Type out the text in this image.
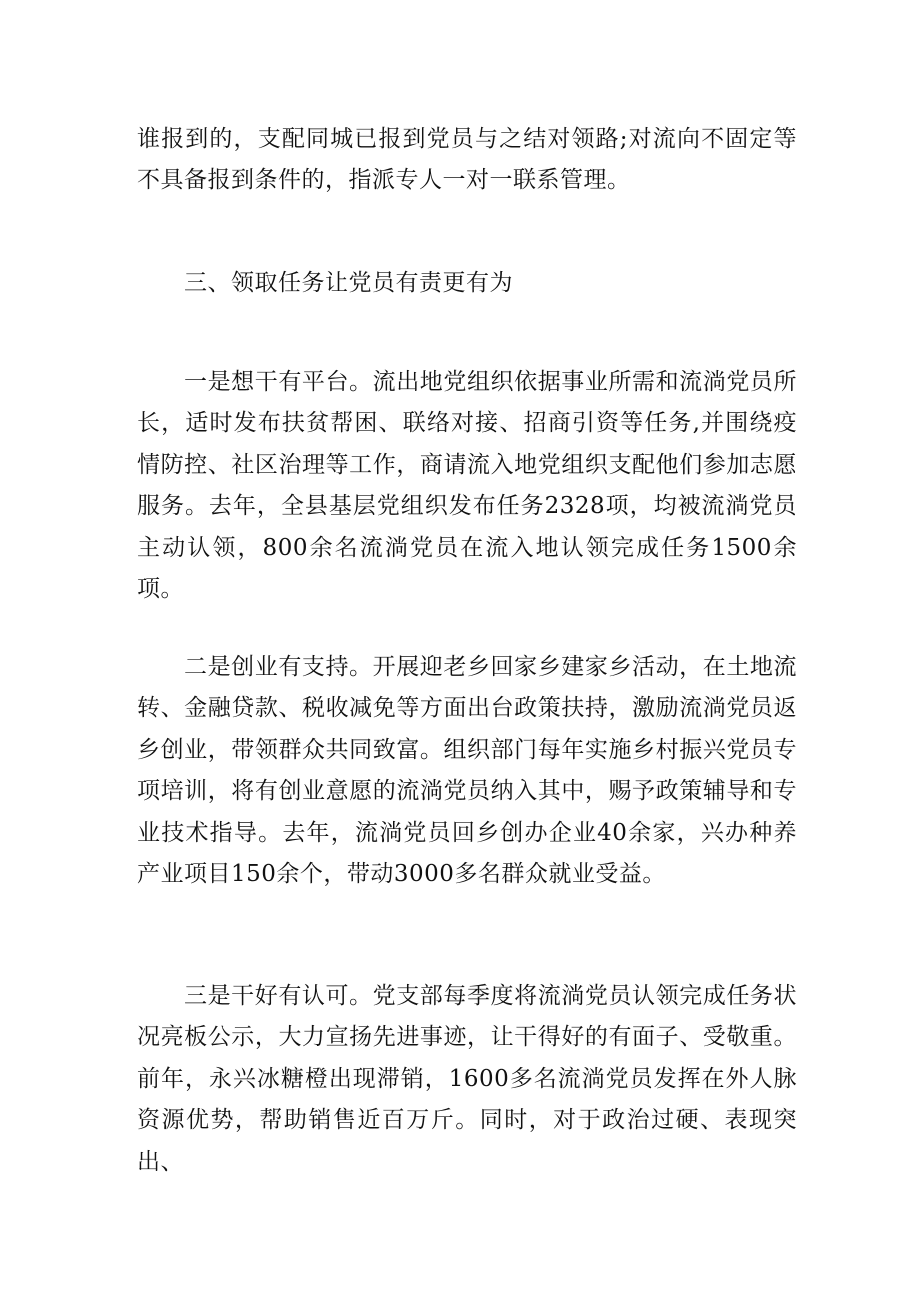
谁报到的，支配同城已报到党员与之结对领路;对流向不固定等不具备报到条件的，指派专人一对一联系管理。

三、领取任务让党员有责更有为

一是想干有平台。流出地党组织依据事业所需和流淌党员所长，适时发布扶贫帮困、联络对接、招商引资等任务,并围绕疫情防控、社区治理等工作，商请流入地党组织支配他们参加志愿服务。去年，全县基层党组织发布任务2328项，均被流淌党员主动认领，800余名流淌党员在流入地认领完成任务1500余项。

二是创业有支持。开展迎老乡回家乡建家乡活动，在土地流转、金融贷款、税收减免等方面出台政策扶持，激励流淌党员返乡创业，带领群众共同致富。组织部门每年实施乡村振兴党员专项培训，将有创业意愿的流淌党员纳入其中，赐予政策辅导和专业技术指导。去年，流淌党员回乡创办企业40余家，兴办种养产业项目150余个，带动3000多名群众就业受益。

三是干好有认可。党支部每季度将流淌党员认领完成任务状况亮板公示，大力宣扬先进事迹，让干得好的有面子、受敬重。前年，永兴冰糖橙出现滞销，1600多名流淌党员发挥在外人脉资源优势，帮助销售近百万斤。同时，对于政治过硬、表现突出、
